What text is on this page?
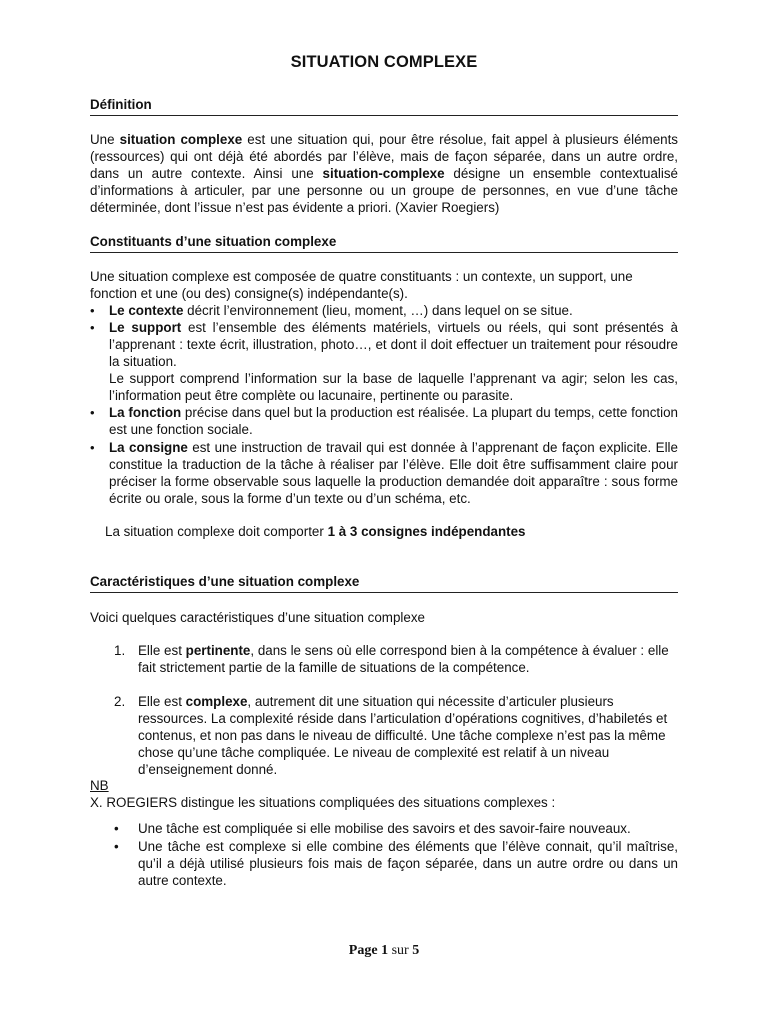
SITUATION COMPLEXE
Définition
Une situation complexe est une situation qui, pour être résolue, fait appel à plusieurs éléments (ressources) qui ont déjà été abordés par l’élève, mais de façon séparée, dans un autre ordre, dans un autre contexte. Ainsi une situation-complexe désigne un ensemble contextualisé d’informations à articuler, par une personne ou un groupe de personnes, en vue d’une tâche déterminée, dont l’issue n’est pas évidente a priori. (Xavier Roegiers)
Constituants d’une situation complexe
Une situation complexe est composée de quatre constituants : un contexte, un support, une fonction et une (ou des) consigne(s) indépendante(s).
• Le contexte décrit l’environnement (lieu, moment, …) dans lequel on se situe.
• Le support est l’ensemble des éléments matériels, virtuels ou réels, qui sont présentés à l’apprenant : texte écrit, illustration, photo…, et dont il doit effectuer un traitement pour résoudre la situation.
Le support comprend l’information sur la base de laquelle l’apprenant va agir; selon les cas, l’information peut être complète ou lacunaire, pertinente ou parasite.
• La fonction précise dans quel but la production est réalisée. La plupart du temps, cette fonction est une fonction sociale.
• La consigne est une instruction de travail qui est donnée à l’apprenant de façon explicite. Elle constitue la traduction de la tâche à réaliser par l’élève. Elle doit être suffisamment claire pour préciser la forme observable sous laquelle la production demandée doit apparaître : sous forme écrite ou orale, sous la forme d’un texte ou d’un schéma, etc.
La situation complexe doit comporter 1 à 3 consignes indépendantes
Caractéristiques d’une situation complexe
Voici quelques caractéristiques d’une situation complexe
1. Elle est pertinente, dans le sens où elle correspond bien à la compétence à évaluer : elle fait strictement partie de la famille de situations de la compétence.
2. Elle est complexe, autrement dit une situation qui nécessite d’articuler plusieurs ressources. La complexité réside dans l’articulation d’opérations cognitives, d’habiletés et contenus, et non pas dans le niveau de difficulté. Une tâche complexe n’est pas la même chose qu’une tâche compliquée. Le niveau de complexité est relatif à un niveau d’enseignement donné.
NB
X. ROEGIERS distingue les situations compliquées des situations complexes :
• Une tâche est compliquée si elle mobilise des savoirs et des savoir-faire nouveaux.
• Une tâche est complexe si elle combine des éléments que l’élève connait, qu’il maîtrise, qu’il a déjà utilisé plusieurs fois mais de façon séparée, dans un autre ordre ou dans un autre contexte.
Page 1 sur 5
